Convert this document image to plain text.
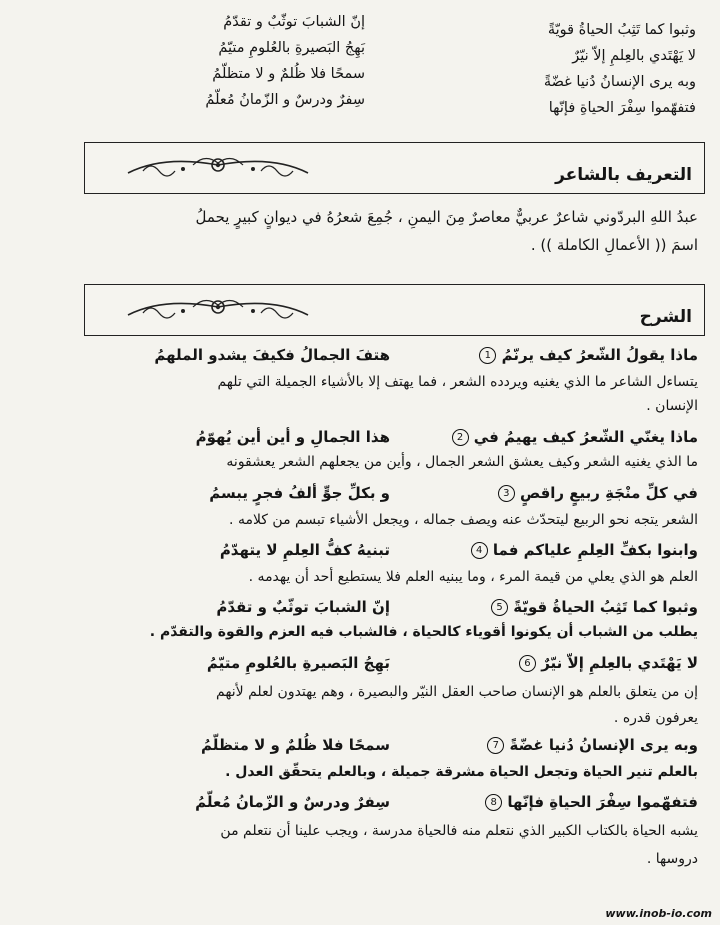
وثبوا كما تَثِبُ الحياةُ قويّةً
لا يَهْتَدي بالعِلمِ إلاّ نيّرٌ
وبه يرى الإنسانُ دُنيا غضّةً
فتفهّموا سِفْرَ الحياةِ فإنّها
إنّ الشبابَ توثّبٌ و تقدّمُ
بَهِجُ البَصيرةِ بالعُلومِ متيّمُ
سمحًا فلا ظُلمٌ و لا متظلّمُ
سِفرٌ ودرسٌ و الزّمانُ مُعلّمُ
التعريف بالشاعر
عبدُ اللهِ البردّوني شاعرٌ عربيٌّ معاصرٌ مِنَ اليمنِ ، جُمِعَ شعرُهُ في ديوانٍ كبيرٍ يحملُ
اسمَ (( الأعمالِ الكاملة )) .
الشرح
ماذا يقولُ الشّعرُ كيف يرنّمُ 1
هتفَ الجمالُ فكيفَ يشدو الملهمُ
يتساءل الشاعر ما الذي يغنيه ويردده الشعر ، فما يهتف إلا بالأشياء الجميلة التي تلهم
الإنسان .
ماذا يغنّي الشّعرُ كيف يهيمُ في 2
هذا الجمالِ و أين أين يُهوّمُ
ما الذي يغنيه الشعر وكيف يعشق الشعر الجمال ، وأين من يجعلهم الشعر يعشقونه
في كلِّ منْجَةِ ربيعٍ راقصٍ 3
و بكلِّ جوٍّ ألفُ فجرٍ يبسمُ
الشعر يتجه نحو الربيع ليتحدّث عنه ويصف جماله ، ويجعل الأشياء تبسم من كلامه .
وابنوا بكفِّ العِلمِ علياكم فما 4
تبنيهُ كفُّ العِلمِ لا يتهدّمُ
العلم هو الذي يعلي من قيمة المرء ، وما يبنيه العلم فلا يستطيع أحد أن يهدمه .
وثبوا كما تَثِبُ الحياةُ قويّةً 5
إنّ الشبابَ توثّبٌ و تقدّمُ
يطلب من الشباب أن يكونوا أقوياء كالحياة ، فالشباب فيه العزم والقوة والتقدّم .
لا يَهْتَدي بالعِلمِ إلاّ نيّرٌ 6
بَهِجُ البَصيرةِ بالعُلومِ متيّمُ
إن من يتعلق بالعلم هو الإنسان صاحب العقل النيّر والبصيرة ، وهم يهتدون لعلم لأنهم
يعرفون قدره .
وبه يرى الإنسانُ دُنيا غضّةً 7
سمحًا فلا ظُلمٌ و لا متظلّمُ
بالعلم تنير الحياة وتجعل الحياة مشرقة جميلة ، وبالعلم يتحقّق العدل .
فتفهّموا سِفْرَ الحياةِ فإنّها 8
سِفرٌ ودرسٌ و الزّمانُ مُعلّمُ
يشبه الحياة بالكتاب الكبير الذي نتعلم منه فالحياة مدرسة ، ويجب علينا أن نتعلم من
دروسها .
www.inob-io.com
